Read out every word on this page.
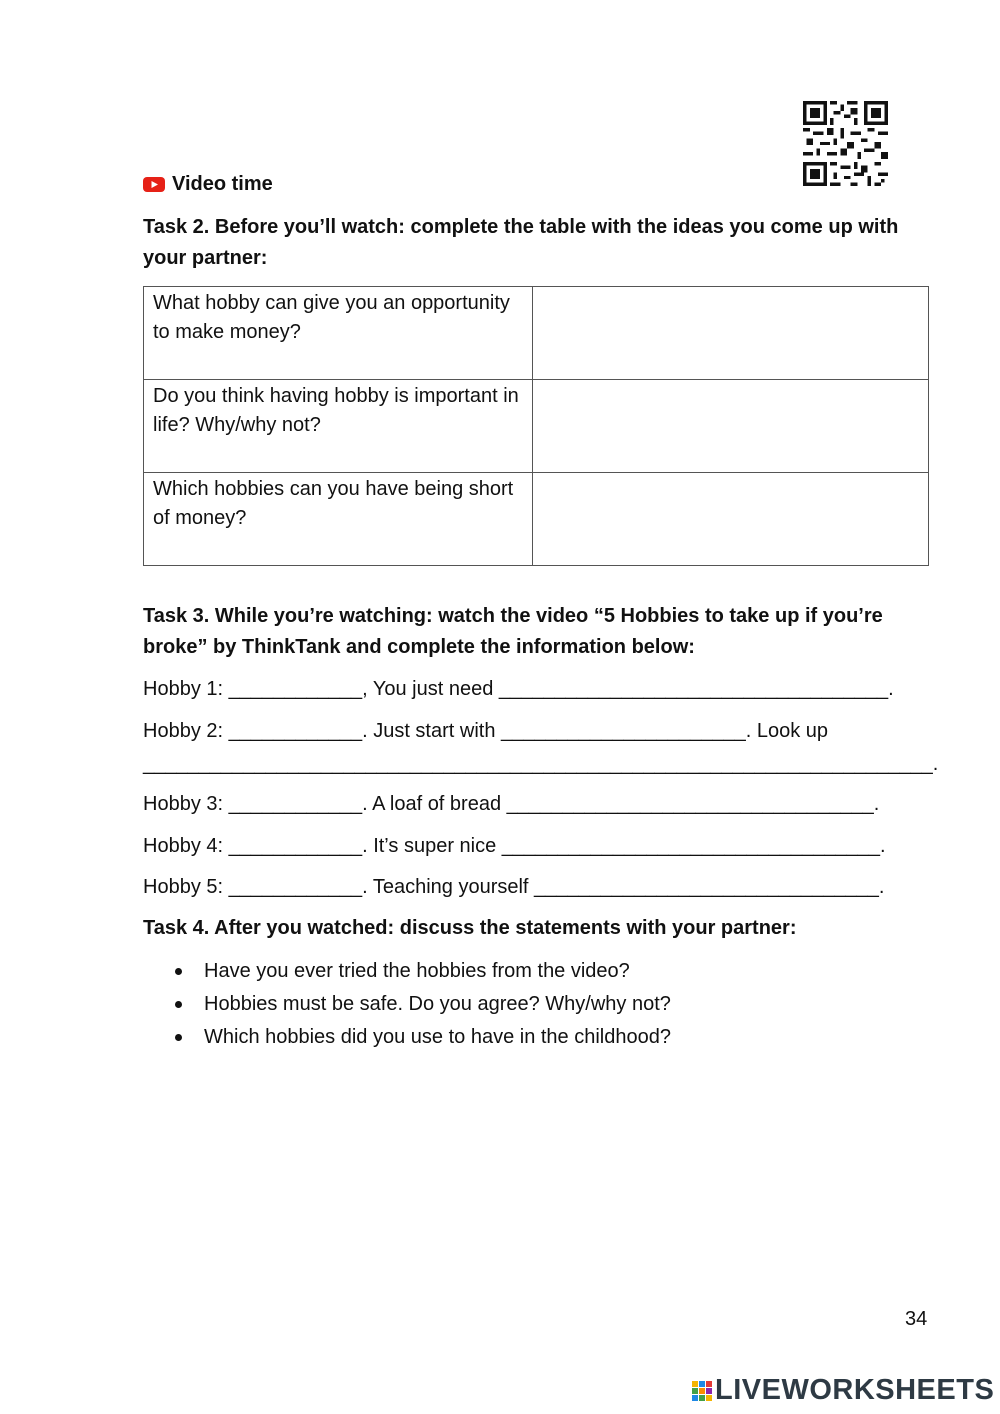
Video time

Task 2. Before you’ll watch: complete the table with the ideas you come up with your partner:

What hobby can give you an opportunity to make money?	
Do you think having hobby is important in life? Why/why not?	
Which hobbies can you have being short of money?	

Task 3. While you’re watching: watch the video “5 Hobbies to take up if you’re broke” by ThinkTank and complete the information below:

Hobby 1: ____________, You just need ___________________________________.
Hobby 2: ____________. Just start with ______________________. Look up
_______________________________________________________________________.
Hobby 3: ____________. A loaf of bread _________________________________.
Hobby 4: ____________. It’s super nice __________________________________.
Hobby 5: ____________. Teaching yourself _______________________________.

Task 4. After you watched: discuss the statements with your partner:

Have you ever tried the hobbies from the video?
Hobbies must be safe. Do you agree? Why/why not?
Which hobbies did you use to have in the childhood?
34
LIVEWORKSHEETS
